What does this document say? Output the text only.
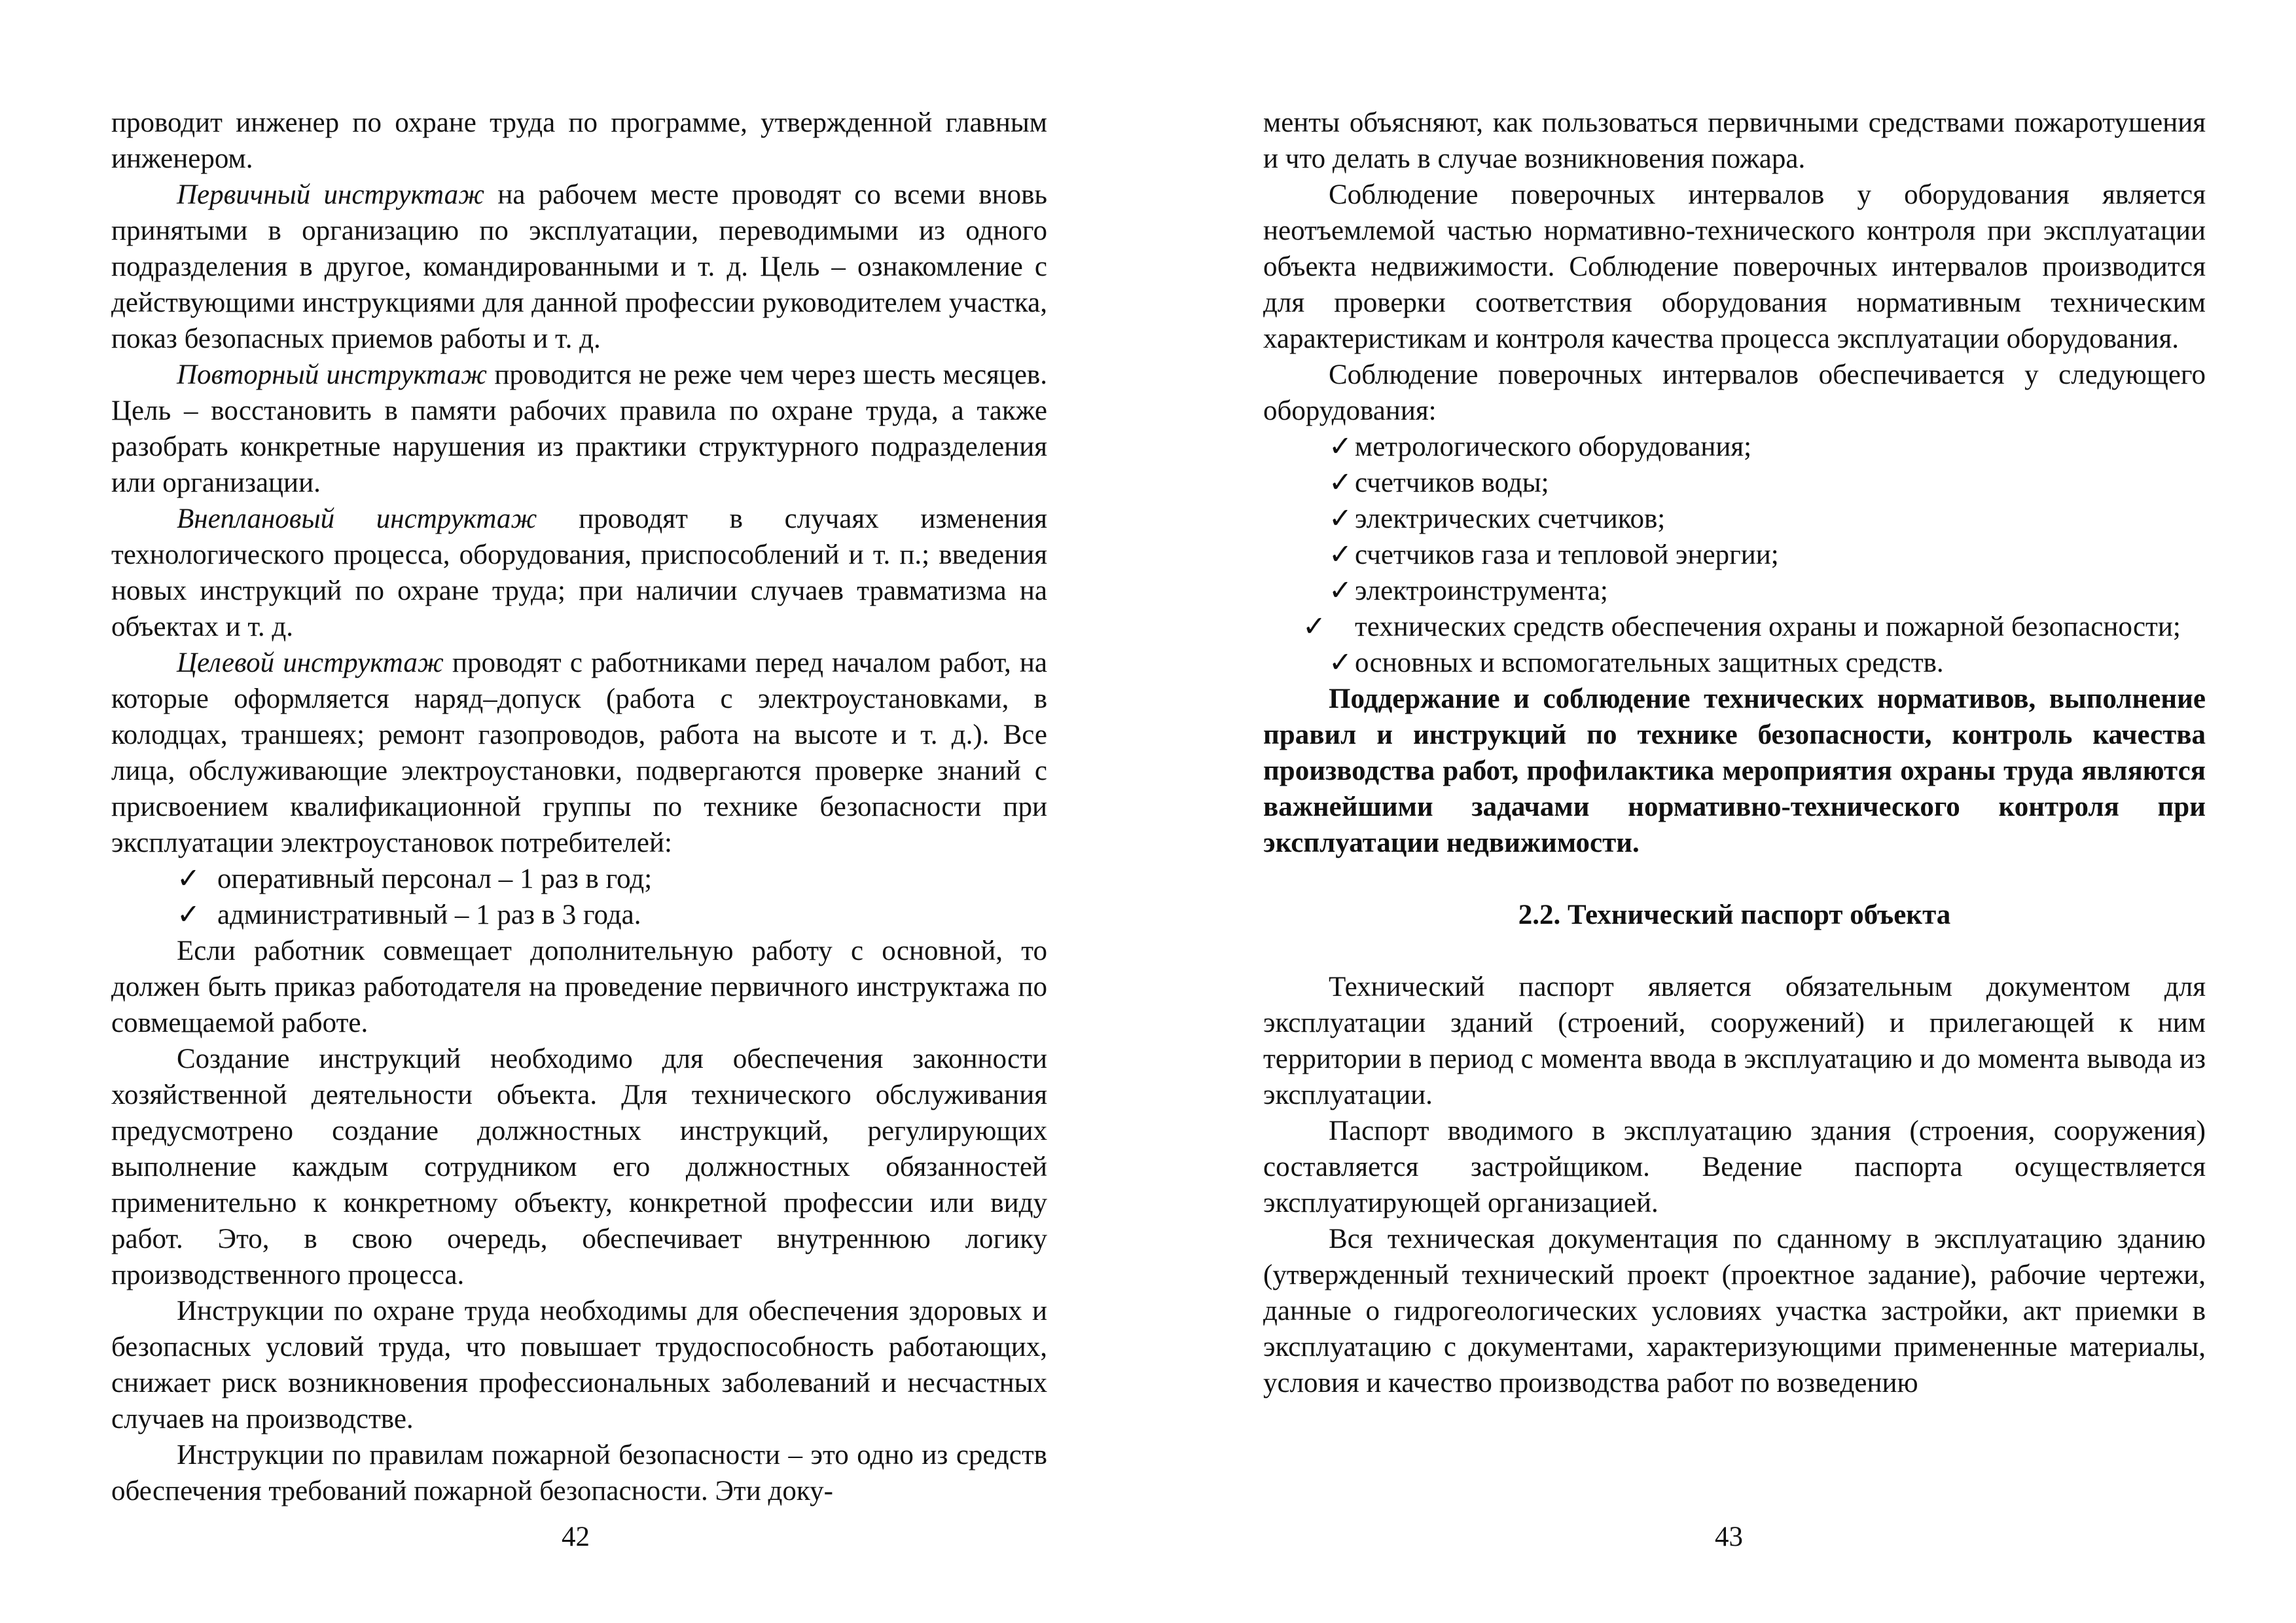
проводит инженер по охране труда по программе, утвержденной главным инженером.

Первичный инструктаж на рабочем месте проводят со всеми вновь принятыми в организацию по эксплуатации, переводимыми из одного подразделения в другое, командированными и т. д. Цель – ознакомление с действующими инструкциями для данной профессии руководителем участка, показ безопасных приемов работы и т. д.

Повторный инструктаж проводится не реже чем через шесть месяцев. Цель – восстановить в памяти рабочих правила по охране труда, а также разобрать конкретные нарушения из практики структурного подразделения или организации.

Внеплановый инструктаж проводят в случаях изменения технологического процесса, оборудования, приспособлений и т. п.; введения новых инструкций по охране труда; при наличии случаев травматизма на объектах и т. д.

Целевой инструктаж проводят с работниками перед началом работ, на которые оформляется наряд–допуск (работа с электроустановками, в колодцах, траншеях; ремонт газопроводов, работа на высоте и т. д.). Все лица, обслуживающие электроустановки, подвергаются проверке знаний с присвоением квалификационной группы по технике безопасности при эксплуатации электроустановок потребителей:

✓ оперативный персонал – 1 раз в год;
✓ административный – 1 раз в 3 года.

Если работник совмещает дополнительную работу с основной, то должен быть приказ работодателя на проведение первичного инструктажа по совмещаемой работе.

Создание инструкций необходимо для обеспечения законности хозяйственной деятельности объекта. Для технического обслуживания предусмотрено создание должностных инструкций, регулирующих выполнение каждым сотрудником его должностных обязанностей применительно к конкретному объекту, конкретной профессии или виду работ. Это, в свою очередь, обеспечивает внутреннюю логику производственного процесса.

Инструкции по охране труда необходимы для обеспечения здоровых и безопасных условий труда, что повышает трудоспособность работающих, снижает риск возникновения профессиональных заболеваний и несчастных случаев на производстве.

Инструкции по правилам пожарной безопасности – это одно из средств обеспечения требований пожарной безопасности. Эти доку-

42

менты объясняют, как пользоваться первичными средствами пожаротушения и что делать в случае возникновения пожара.

Соблюдение поверочных интервалов у оборудования является неотъемлемой частью нормативно-технического контроля при эксплуатации объекта недвижимости. Соблюдение поверочных интервалов производится для проверки соответствия оборудования нормативным техническим характеристикам и контроля качества процесса эксплуатации оборудования.

Соблюдение поверочных интервалов обеспечивается у следующего оборудования:

✓метрологического оборудования;
✓счетчиков воды;
✓электрических счетчиков;
✓счетчиков газа и тепловой энергии;
✓электроинструмента;
✓ технических средств обеспечения охраны и пожарной безопасности;
✓основных и вспомогательных защитных средств.

Поддержание и соблюдение технических нормативов, выполнение правил и инструкций по технике безопасности, контроль качества производства работ, профилактика мероприятия охраны труда являются важнейшими задачами нормативно-технического контроля при эксплуатации недвижимости.

2.2. Технический паспорт объекта

Технический паспорт является обязательным документом для эксплуатации зданий (строений, сооружений) и прилегающей к ним территории в период с момента ввода в эксплуатацию и до момента вывода из эксплуатации.

Паспорт вводимого в эксплуатацию здания (строения, сооружения) составляется застройщиком. Ведение паспорта осуществляется эксплуатирующей организацией.

Вся техническая документация по сданному в эксплуатацию зданию (утвержденный технический проект (проектное задание), рабочие чертежи, данные о гидрогеологических условиях участка застройки, акт приемки в эксплуатацию с документами, характеризующими примененные материалы, условия и качество производства работ по возведению

43
